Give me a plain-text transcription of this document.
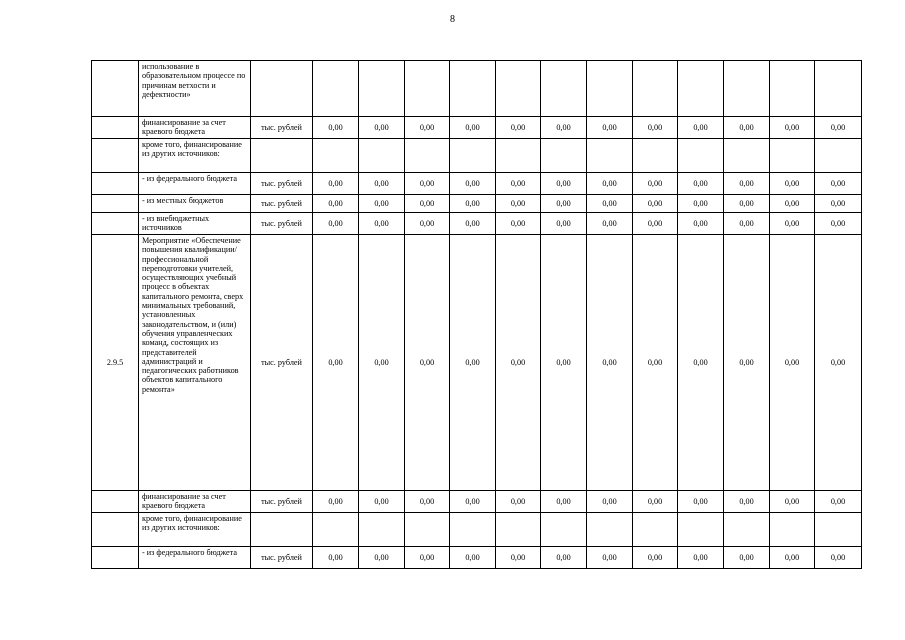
8
	использование в образовательном процессе по причинам ветхости и дефектности»													
	финансирование за счет краевого бюджета	тыс. рублей	0,00	0,00	0,00	0,00	0,00	0,00	0,00	0,00	0,00	0,00	0,00	0,00
	кроме того, финансирование из других источников:													
	- из федерального бюджета	тыс. рублей	0,00	0,00	0,00	0,00	0,00	0,00	0,00	0,00	0,00	0,00	0,00	0,00
	- из местных бюджетов	тыс. рублей	0,00	0,00	0,00	0,00	0,00	0,00	0,00	0,00	0,00	0,00	0,00	0,00
	- из внебюджетных источников	тыс. рублей	0,00	0,00	0,00	0,00	0,00	0,00	0,00	0,00	0,00	0,00	0,00	0,00
2.9.5	Мероприятие «Обеспечение повышения квалификации/профессиональной переподготовки учителей, осуществляющих учебный процесс в объектах капитального ремонта, сверх минимальных требований, установленных законодательством, и (или) обучения управленческих команд, состоящих из представителей администраций и педагогических работников объектов капитального ремонта»	тыс. рублей	0,00	0,00	0,00	0,00	0,00	0,00	0,00	0,00	0,00	0,00	0,00	0,00
	финансирование за счет краевого бюджета	тыс. рублей	0,00	0,00	0,00	0,00	0,00	0,00	0,00	0,00	0,00	0,00	0,00	0,00
	кроме того, финансирование из других источников:													
	- из федерального бюджета	тыс. рублей	0,00	0,00	0,00	0,00	0,00	0,00	0,00	0,00	0,00	0,00	0,00	0,00
